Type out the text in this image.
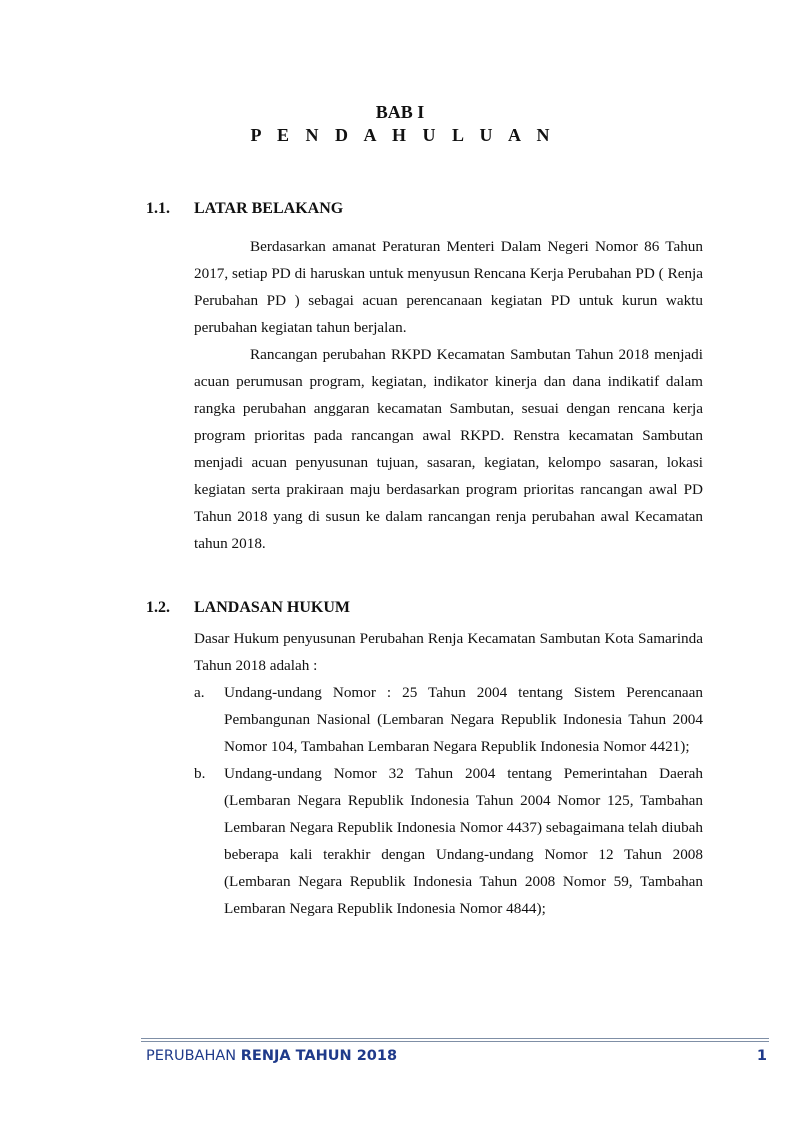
BAB I
P E N D A H U L U A N
1.1.	LATAR BELAKANG

Berdasarkan amanat Peraturan Menteri Dalam Negeri Nomor 86 Tahun 2017, setiap PD di haruskan untuk menyusun Rencana Kerja Perubahan PD ( Renja Perubahan PD ) sebagai acuan perencanaan kegiatan PD untuk kurun waktu perubahan kegiatan tahun berjalan.

Rancangan perubahan RKPD Kecamatan Sambutan Tahun 2018 menjadi acuan perumusan program, kegiatan, indikator kinerja dan dana indikatif dalam rangka perubahan anggaran kecamatan Sambutan, sesuai dengan rencana kerja program prioritas pada rancangan awal RKPD. Renstra kecamatan Sambutan menjadi acuan penyusunan tujuan, sasaran, kegiatan, kelompo sasaran, lokasi kegiatan serta prakiraan maju berdasarkan program prioritas rancangan awal PD Tahun 2018 yang di susun ke dalam rancangan renja perubahan awal Kecamatan tahun 2018.

1.2.	LANDASAN HUKUM

Dasar Hukum penyusunan Perubahan Renja Kecamatan Sambutan Kota Samarinda Tahun 2018 adalah :

a.	Undang-undang Nomor : 25 Tahun 2004 tentang Sistem Perencanaan Pembangunan Nasional (Lembaran Negara Republik Indonesia Tahun 2004 Nomor 104, Tambahan Lembaran Negara Republik Indonesia Nomor 4421);
b.	Undang-undang Nomor 32 Tahun 2004 tentang Pemerintahan Daerah (Lembaran Negara Republik Indonesia Tahun 2004 Nomor 125, Tambahan Lembaran Negara Republik Indonesia Nomor 4437) sebagaimana telah diubah beberapa kali terakhir dengan Undang-undang Nomor 12 Tahun 2008 (Lembaran Negara Republik Indonesia Tahun 2008 Nomor 59, Tambahan Lembaran Negara Republik Indonesia Nomor 4844);
PERUBAHAN RENJA TAHUN 2018	1
